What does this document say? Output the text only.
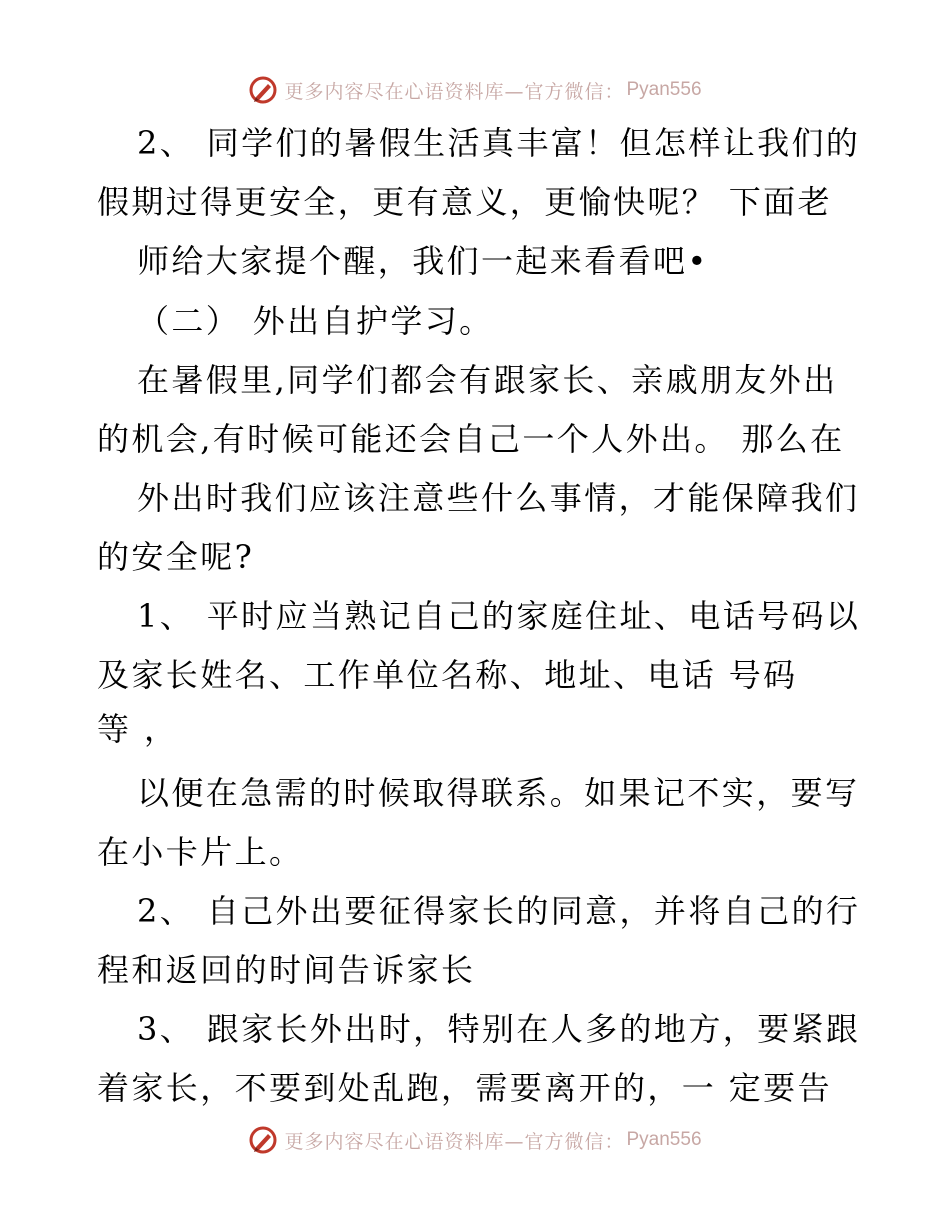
更多内容尽在心语资料库—官方微信： Pyan556
2、 同学们的暑假生活真丰富！但怎样让我们的
假期过得更安全，更有意义，更愉快呢？ 下面老
师给大家提个醒，我们一起来看看吧•
（二） 外出自护学习。
在暑假里,同学们都会有跟家长、亲戚朋友外出
的机会,有时候可能还会自己一个人外出。 那么在
外出时我们应该注意些什么事情，才能保障我们
的安全呢?
1、 平时应当熟记自己的家庭住址、电话号码以
及家长姓名、工作单位名称、地址、电话 号码
等 ，
以便在急需的时候取得联系。如果记不实，要写
在小卡片上。
2、 自己外出要征得家长的同意，并将自己的行
程和返回的时间告诉家长
3、 跟家长外出时，特别在人多的地方，要紧跟
着家长，不要到处乱跑，需要离开的，一 定要告
更多内容尽在心语资料库—官方微信： Pyan556
